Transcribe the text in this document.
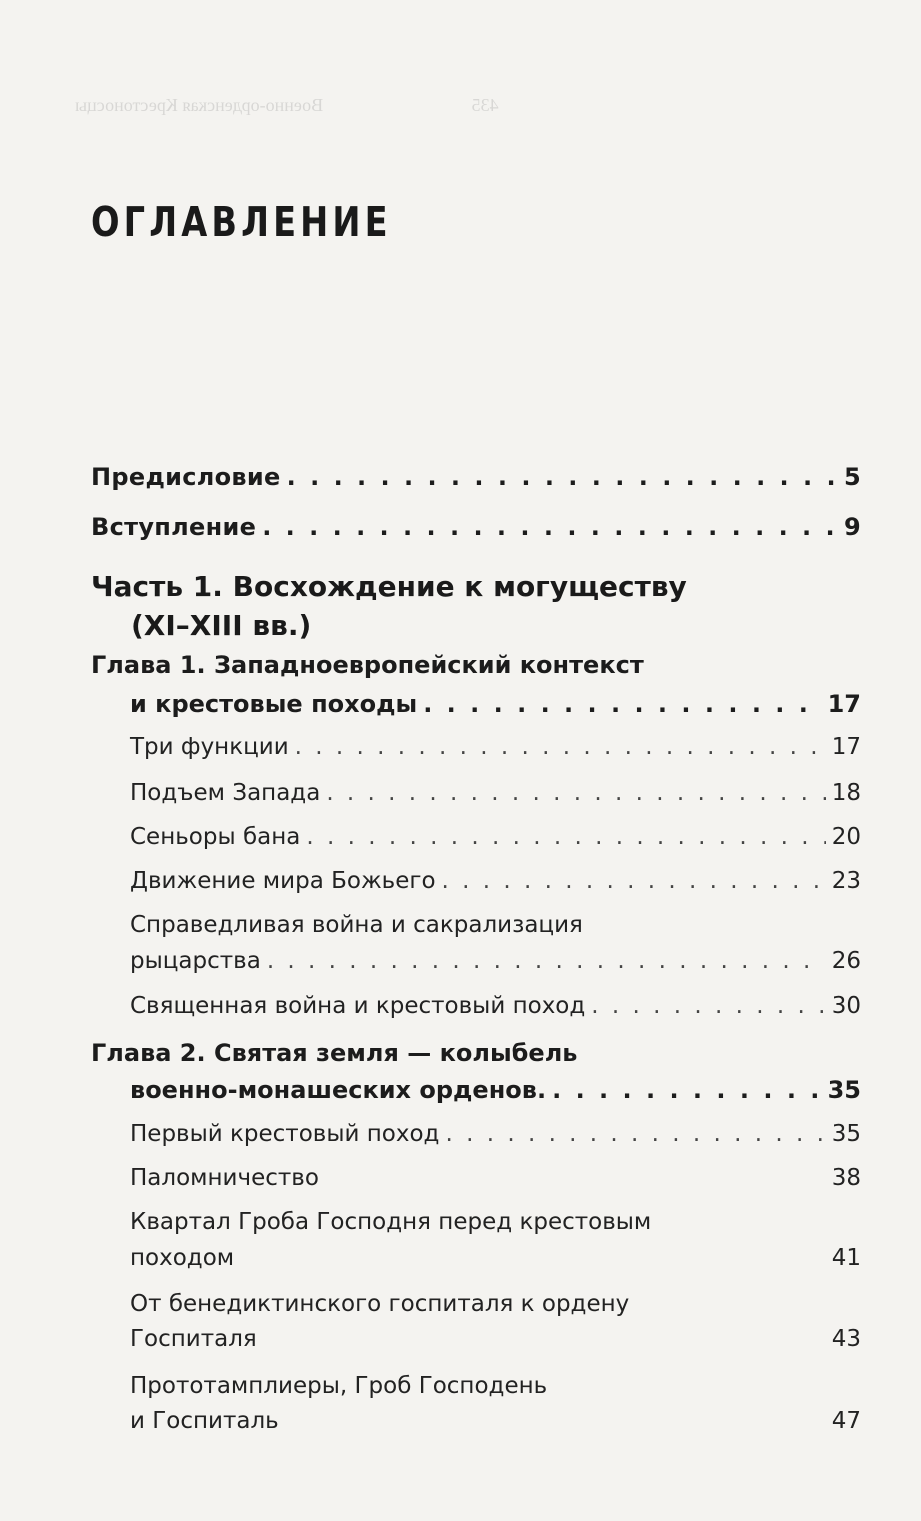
435                                 Военно-орденская Крестоносцы

ОГЛАВЛЕНИЕ
Предисловие . . .	5
Вступление . . .	9
Часть 1. Восхождение к могуществу
(XI–XIII вв.)

Глава 1. Западноевропейский контекст

и крестовые походы . . .	17
Три функции . . .	17
Подъем Запада . . .	18
Сеньоры бана . . .	20
Движение мира Божьего . . .	23

Справедливая война и сакрализация

рыцарства . . .	26
Священная война и крестовый поход . . .	30

Глава 2. Святая земля — колыбель

военно-монашеских орденов. . . .	35
Первый крестовый поход . . .	35
Паломничество	38

Квартал Гроба Господня перед крестовым

походом	41

От бенедиктинского госпиталя к ордену

Госпиталя	43

Прототамплиеры, Гроб Господень

и Госпиталь	47
